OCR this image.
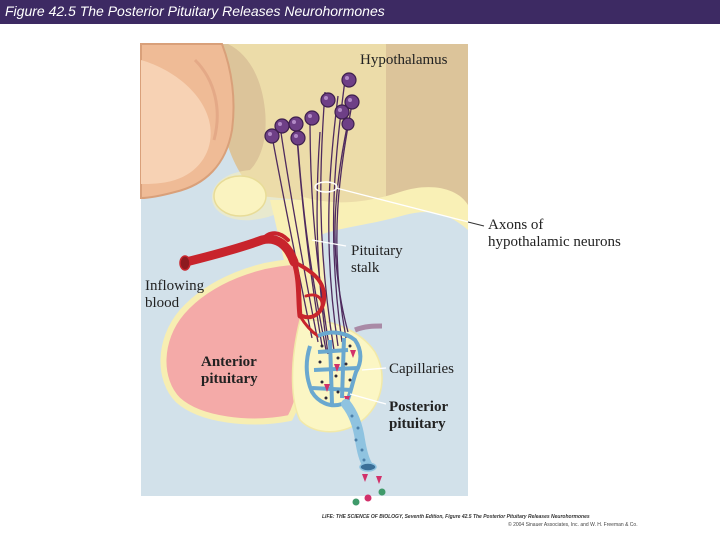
Figure 42.5 The Posterior Pituitary Releases Neurohormones
Hypothalamus
Axons of
hypothalamic neurons
Pituitary
stalk
Inflowing
blood
Anterior
pituitary
Capillaries
Posterior
pituitary
LIFE: THE SCIENCE OF BIOLOGY, Seventh Edition, Figure 42.5 The Posterior Pituitary Releases Neurohormones
© 2004 Sinauer Associates, Inc. and W. H. Freeman & Co.
